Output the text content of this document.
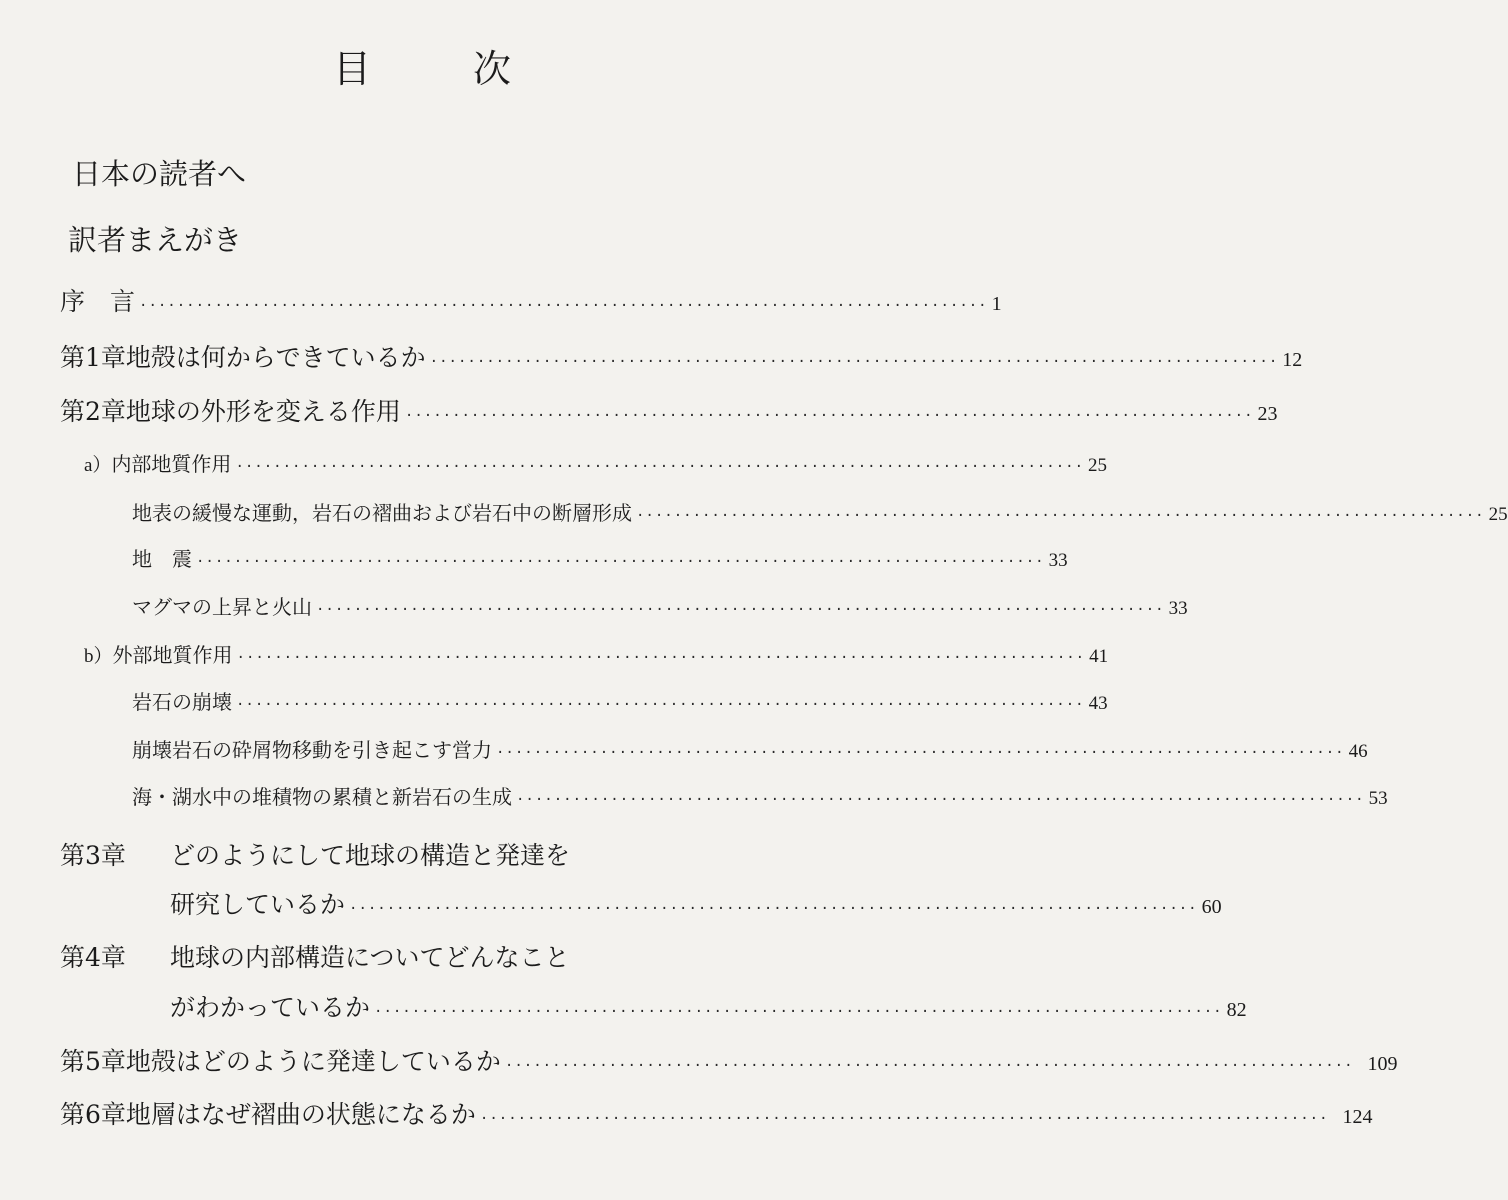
目	次
日本の読者へ
訳者まえがき
序　言 ·························································································· 1
第1章 地殻は何からできているか ·························································································· 12
第2章 地球の外形を変える作用 ·························································································· 23
a） 内部地質作用 ·························································································· 25
地表の緩慢な運動，岩石の褶曲および岩石中の断層形成 ·························································································· 25
地　震 ·························································································· 33
マグマの上昇と火山 ·························································································· 33
b） 外部地質作用 ·························································································· 41
岩石の崩壊 ·························································································· 43
崩壊岩石の砕屑物移動を引き起こす営力 ·························································································· 46
海・湖水中の堆積物の累積と新岩石の生成 ·························································································· 53
第3章 どのようにして地球の構造と発達を
研究しているか ·························································································· 60
第4章 地球の内部構造についてどんなこと
がわかっているか ·························································································· 82
第5章 地殻はどのように発達しているか ·························································································· 109
第6章 地層はなぜ褶曲の状態になるか ·························································································· 124
